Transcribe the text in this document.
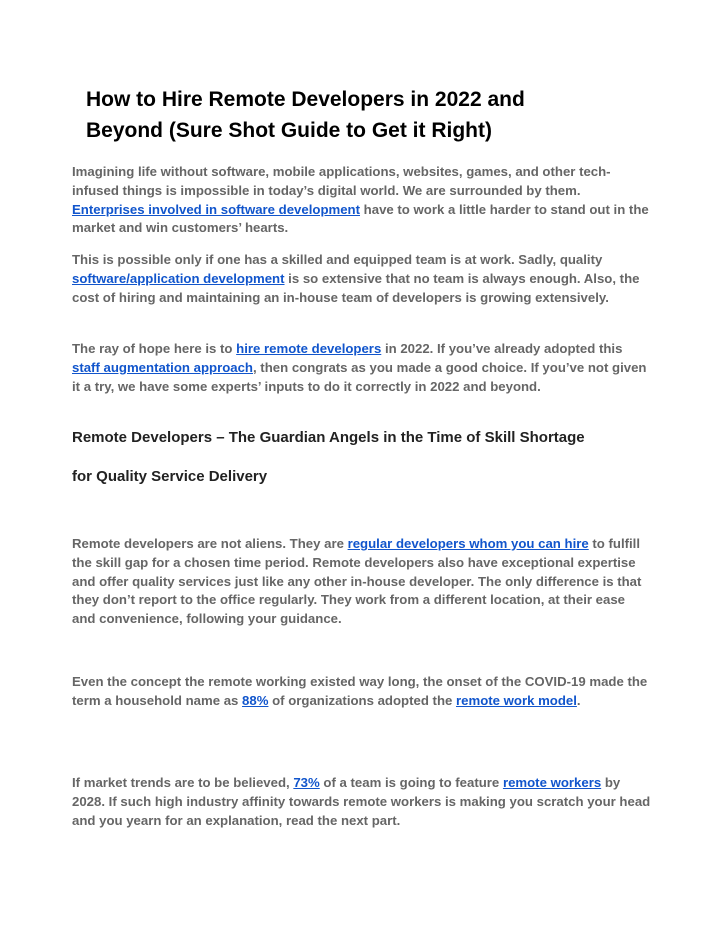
How to Hire Remote Developers in 2022 and
Beyond (Sure Shot Guide to Get it Right)

Imagining life without software, mobile applications, websites, games, and other tech-infused things is impossible in today’s digital world. We are surrounded by them. Enterprises involved in software development have to work a little harder to stand out in the market and win customers’ hearts.

This is possible only if one has a skilled and equipped team is at work. Sadly, quality software/application development is so extensive that no team is always enough. Also, the cost of hiring and maintaining an in-house team of developers is growing extensively.

The ray of hope here is to hire remote developers in 2022. If you’ve already adopted this staff augmentation approach, then congrats as you made a good choice. If you’ve not given it a try, we have some experts’ inputs to do it correctly in 2022 and beyond.

Remote Developers – The Guardian Angels in the Time of Skill Shortage
for Quality Service Delivery

Remote developers are not aliens. They are regular developers whom you can hire to fulfill the skill gap for a chosen time period. Remote developers also have exceptional expertise and offer quality services just like any other in-house developer. The only difference is that they don’t report to the office regularly. They work from a different location, at their ease and convenience, following your guidance.

Even the concept the remote working existed way long, the onset of the COVID-19 made the term a household name as 88% of organizations adopted the remote work model.

If market trends are to be believed, 73% of a team is going to feature remote workers by 2028. If such high industry affinity towards remote workers is making you scratch your head and you yearn for an explanation, read the next part.
